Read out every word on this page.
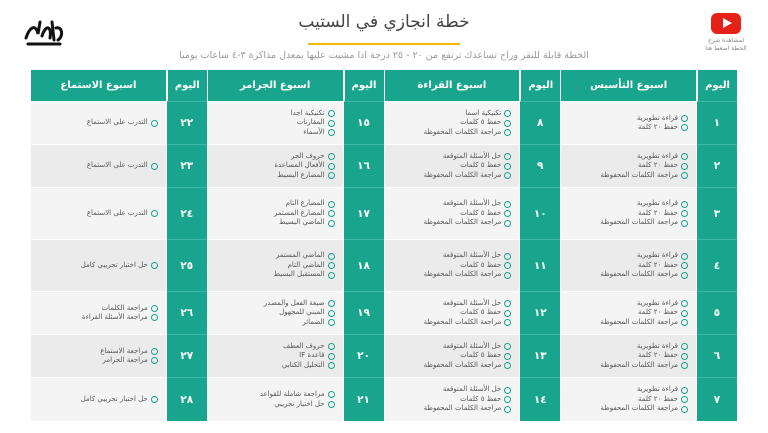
لمشاهدة شرح الخطة اضغط هنا
خطة انجازي في الستيب
الخطة قابلة للنقر وراح تساعدك ترتفع من ٢٠ - ٢٥ درجة اذا مشيت عليها بمعدل مذاكرة ٣-٤ ساعات يوميا
اليوم
اسبوع التأسيس
١
قراءة تطويرية
حفظ ٢٠ كلمة
٢
قراءة تطويرية
حفظ ٢٠ كلمة
مراجعة الكلمات المحفوظة
٣
قراءة تطويرية
حفظ ٢٠ كلمة
مراجعة الكلمات المحفوظة
٤
قراءة تطويرية
حفظ ٢٠ كلمة
مراجعة الكلمات المحفوظة
٥
قراءة تطويرية
حفظ ٢٠ كلمة
مراجعة الكلمات المحفوظة
٦
قراءة تطويرية
حفظ ٢٠ كلمة
مراجعة الكلمات المحفوظة
٧
قراءة تطويرية
حفظ ٢٠ كلمة
مراجعة الكلمات المحفوظة
اليوم
اسبوع القراءة
٨
تكنيكية اسما
حفظ ٥ كلمات
مراجعة الكلمات المحفوظة
٩
حل الأسئلة المتوقعة
حفظ ٥ كلمات
مراجعة الكلمات المحفوظة
١٠
حل الأسئلة المتوقعة
حفظ ٥ كلمات
مراجعة الكلمات المحفوظة
١١
حل الأسئلة المتوقعة
حفظ ٥ كلمات
مراجعة الكلمات المحفوظة
١٢
حل الأسئلة المتوقعة
حفظ ٥ كلمات
مراجعة الكلمات المحفوظة
١٣
حل الأسئلة المتوقعة
حفظ ٥ كلمات
مراجعة الكلمات المحفوظة
١٤
حل الأسئلة المتوقعة
حفظ ٥ كلمات
مراجعة الكلمات المحفوظة
اليوم
اسبوع الجرامر
١٥
تكنيكية اجدا
المقارنات
الأسماء
١٦
حروف الجر
الأفعال المساعدة
المضارع البسيط
١٧
المضارع التام
المضارع المستمر
الماضي البسيط
١٨
الماضي المستمر
الماضي التام
المستقبل البسيط
١٩
صيغة الفعل والمصدر
المبني للمجهول
الضمائر
٢٠
حروف العطف
قاعدة IF
التحليل الكتابي
٢١
مراجعة شاملة للقواعد
حل اختبار تجريبي
اليوم
اسبوع الاستماع
٢٢
التدرب على الاستماع
٢٣
التدرب على الاستماع
٢٤
التدرب على الاستماع
٢٥
حل اختبار تجريبي كامل
٢٦
مراجعة الكلمات
مراجعة الأسئلة القراءة
٢٧
مراجعة الاستماع
مراجعة الجرامر
٢٨
حل اختبار تجريبي كامل
